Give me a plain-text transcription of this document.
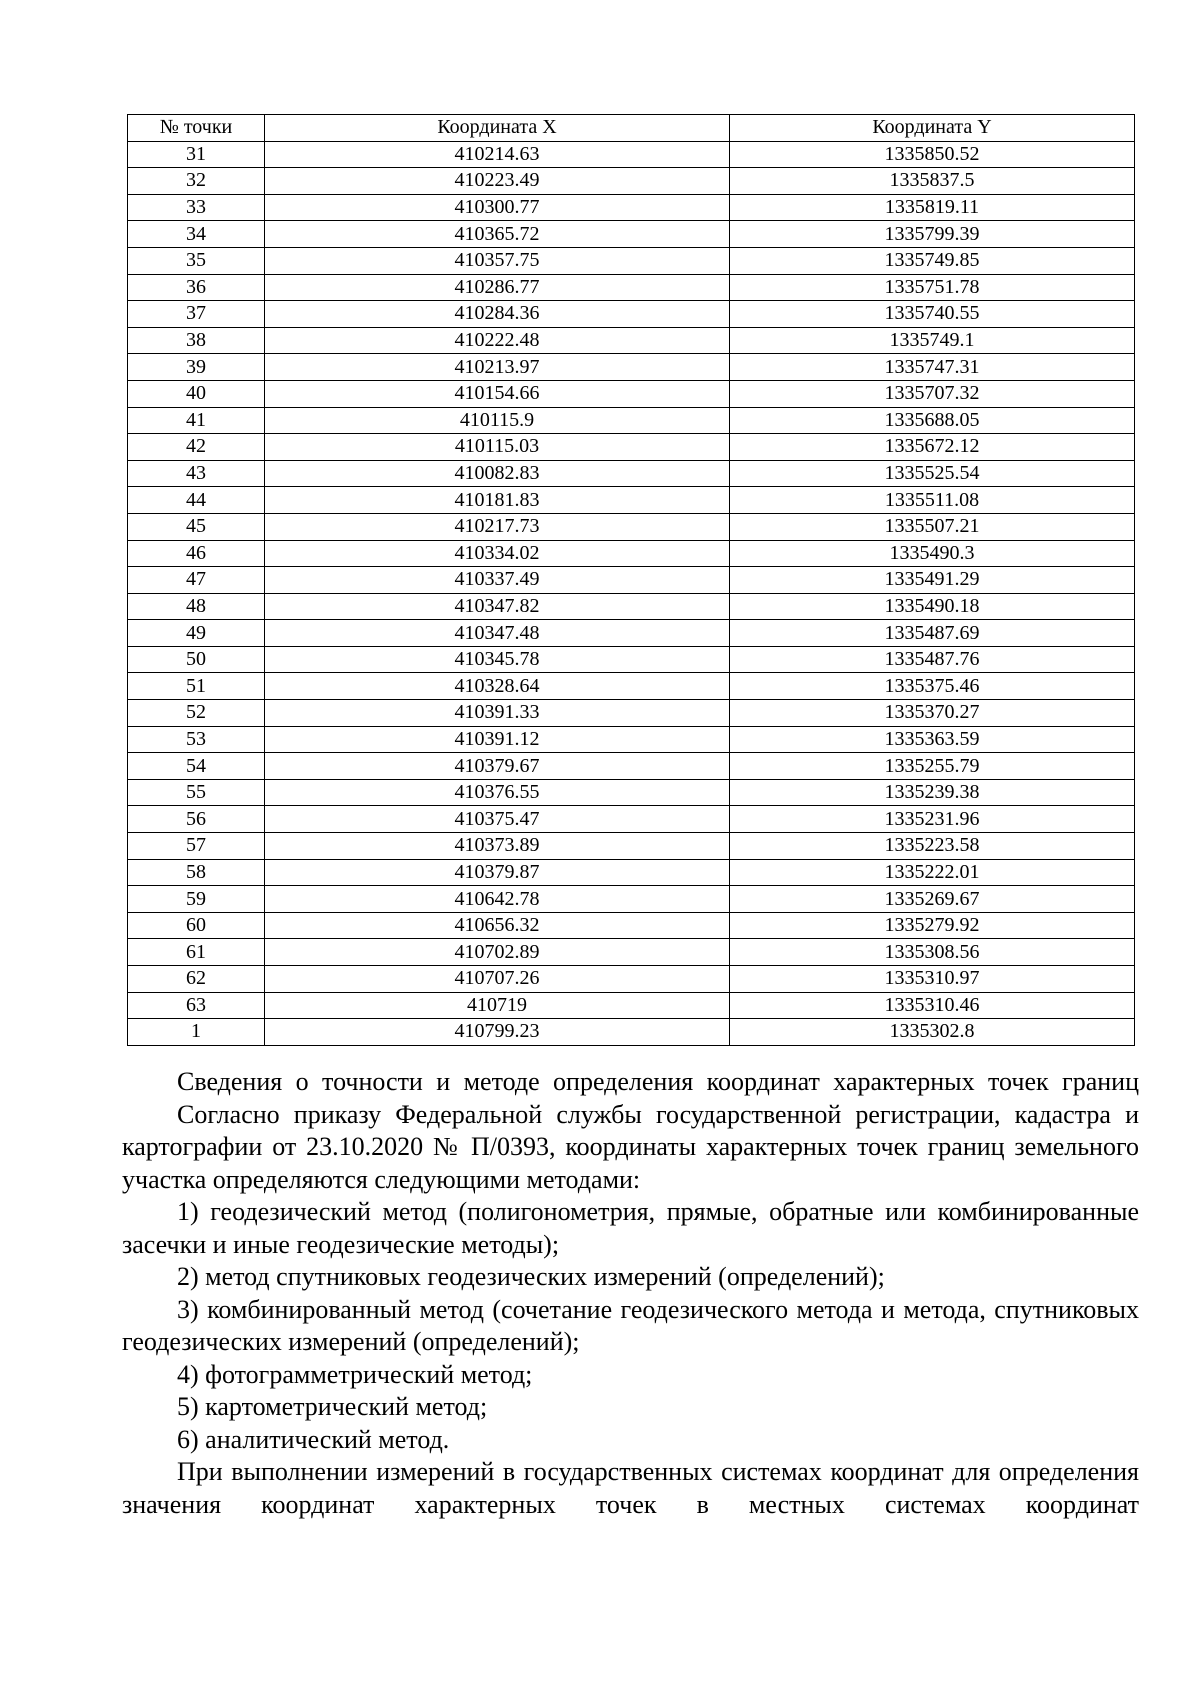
№ точки	Координата X	Координата Y
31	410214.63	1335850.52
32	410223.49	1335837.5
33	410300.77	1335819.11
34	410365.72	1335799.39
35	410357.75	1335749.85
36	410286.77	1335751.78
37	410284.36	1335740.55
38	410222.48	1335749.1
39	410213.97	1335747.31
40	410154.66	1335707.32
41	410115.9	1335688.05
42	410115.03	1335672.12
43	410082.83	1335525.54
44	410181.83	1335511.08
45	410217.73	1335507.21
46	410334.02	1335490.3
47	410337.49	1335491.29
48	410347.82	1335490.18
49	410347.48	1335487.69
50	410345.78	1335487.76
51	410328.64	1335375.46
52	410391.33	1335370.27
53	410391.12	1335363.59
54	410379.67	1335255.79
55	410376.55	1335239.38
56	410375.47	1335231.96
57	410373.89	1335223.58
58	410379.87	1335222.01
59	410642.78	1335269.67
60	410656.32	1335279.92
61	410702.89	1335308.56
62	410707.26	1335310.97
63	410719	1335310.46
1	410799.23	1335302.8

Сведения о точности и методе определения координат характерных точек границ

Согласно приказу Федеральной службы государственной регистрации, кадастра и картографии от 23.10.2020 № П/0393, координаты характерных точек границ земельного участка определяются следующими методами:

1) геодезический метод (полигонометрия, прямые, обратные или комбинированные засечки и иные геодезические методы);

2) метод спутниковых геодезических измерений (определений);

3) комбинированный метод (сочетание геодезического метода и метода, спутниковых геодезических измерений (определений);

4) фотограмметрический метод;

5) картометрический метод;

6) аналитический метод.

При выполнении измерений в государственных системах координат для определения значения координат характерных точек в местных системах координат
